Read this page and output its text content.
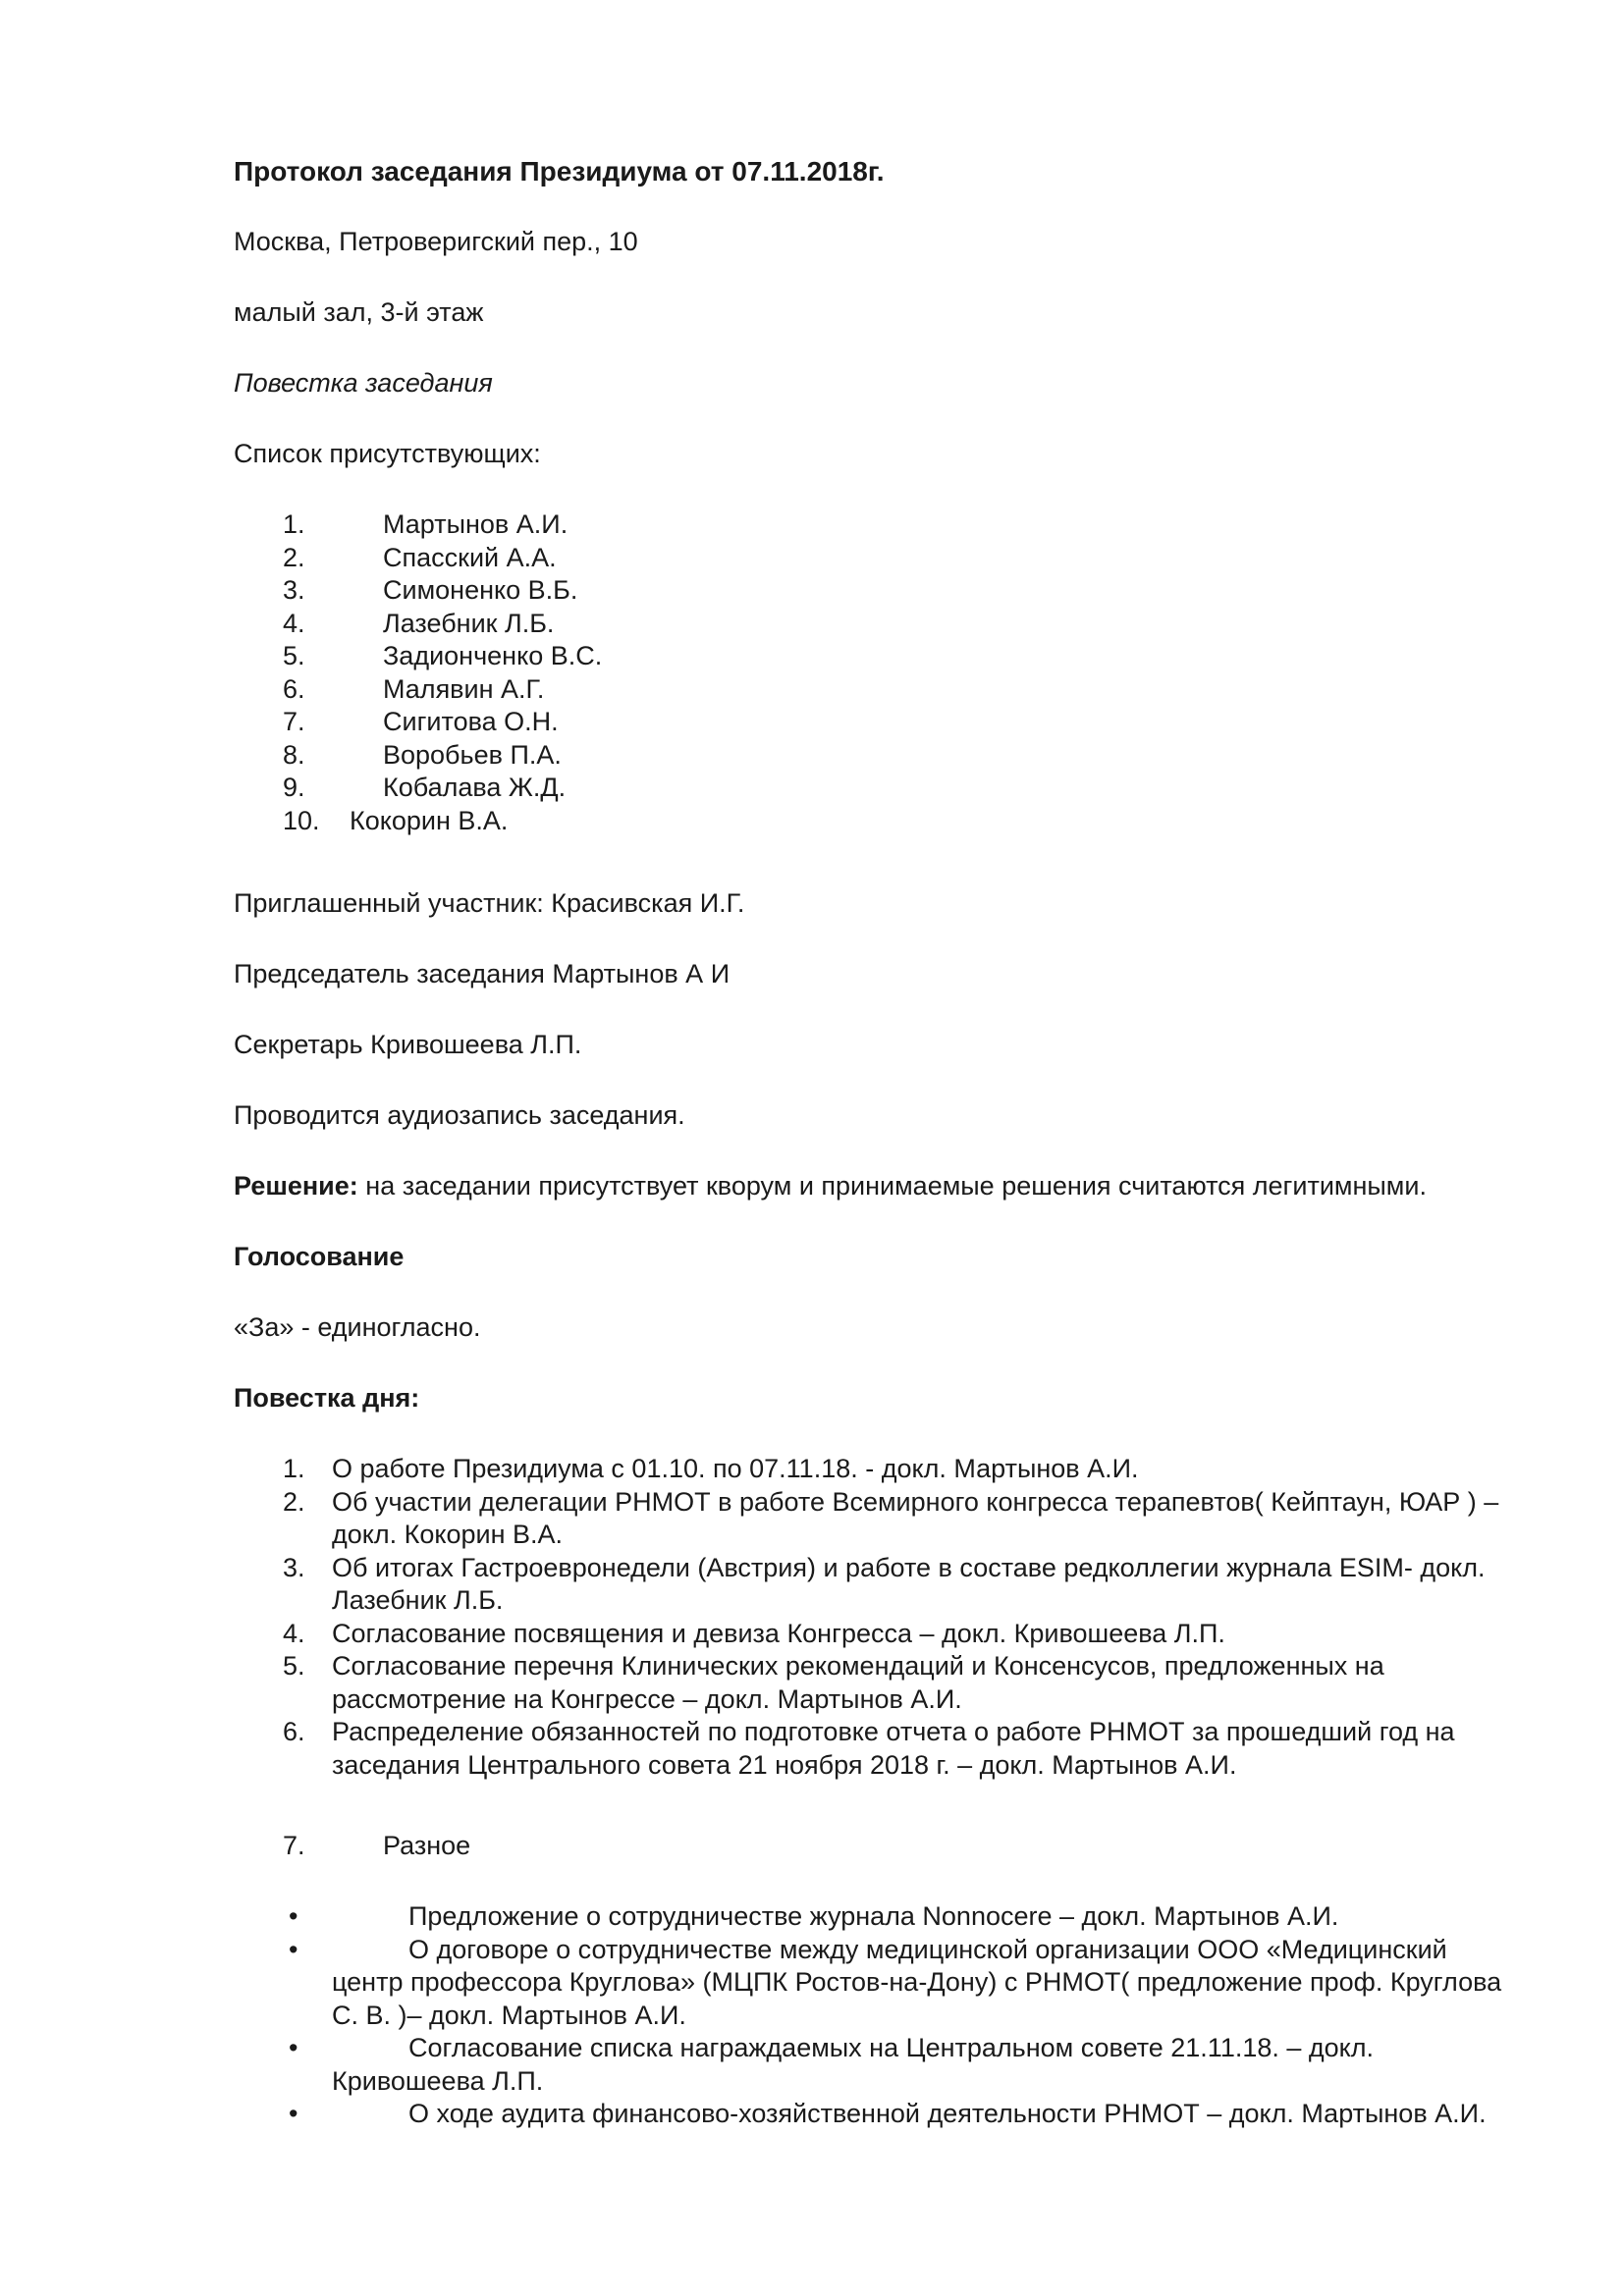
Протокол заседания Президиума от 07.11.2018г.

Москва, Петроверигский пер., 10

малый зал, 3-й этаж

Повестка заседания

Список присутствующих:

1.	Мартынов А.И.
2.	Спасский А.А.
3.	Симоненко В.Б.
4.	Лазебник Л.Б.
5.	Задионченко В.С.
6.	Малявин А.Г.
7.	Сигитова О.Н.
8.	Воробьев П.А.
9.	Кобалава Ж.Д.
10. Кокорин В.А.

Приглашенный участник: Красивская И.Г.

Председатель заседания Мартынов А И

Секретарь Кривошеева Л.П.

Проводится аудиозапись заседания.

Решение: на заседании присутствует кворум и принимаемые решения считаются легитимными.

Голосование

«За» - единогласно.

Повестка дня:

1. О работе Президиума с 01.10. по 07.11.18. - докл. Мартынов А.И.
2. Об участии делегации РНМОТ в работе Всемирного конгресса терапевтов( Кейптаун, ЮАР ) – докл. Кокорин В.А.
3. Об итогах Гастроевронедели (Австрия) и работе в составе редколлегии журнала ESIM- докл. Лазебник Л.Б.
4. Согласование посвящения и девиза Конгресса – докл. Кривошеева Л.П.
5. Согласование перечня Клинических рекомендаций и Консенсусов, предложенных на рассмотрение на Конгрессе – докл. Мартынов А.И.
6. Распределение обязанностей по подготовке отчета о работе РНМОТ за прошедший год на заседания Центрального совета 21 ноября 2018 г. – докл. Мартынов А.И.
7.	Разное
•	Предложение о сотрудничестве журнала Nonnocere – докл. Мартынов А.И.
•	О договоре о сотрудничестве между медицинской организации ООО «Медицинский центр профессора Круглова» (МЦПК Ростов-на-Дону) с РНМОТ( предложение проф. Круглова С. В. )– докл. Мартынов А.И.
•	Согласование списка награждаемых на Центральном совете 21.11.18. – докл. Кривошеева Л.П.
•	О ходе аудита финансово-хозяйственной деятельности РНМОТ – докл. Мартынов А.И.
